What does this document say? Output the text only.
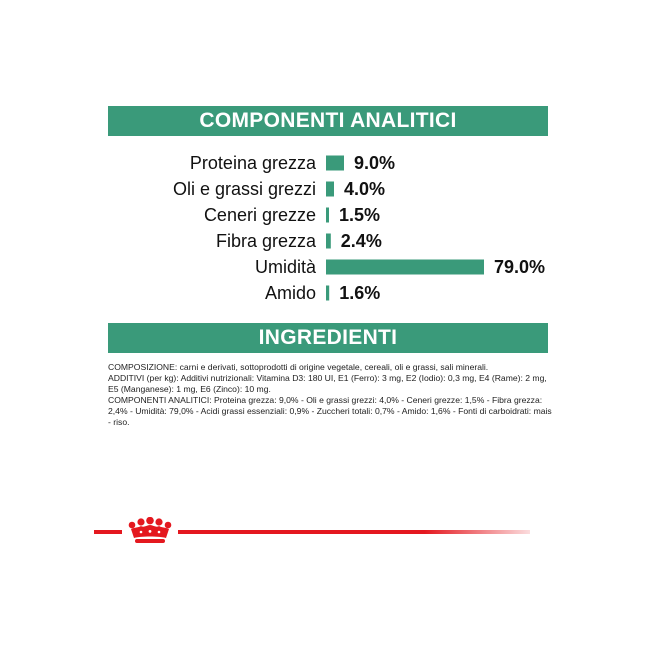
COMPONENTI ANALITICI
Proteina grezza 9.0%
Oli e grassi grezzi 4.0%
Ceneri grezze 1.5%
Fibra grezza 2.4%
Umidità	79.0%
Amido 1.6%
INGREDIENTI

COMPOSIZIONE: carni e derivati, sottoprodotti di origine vegetale, cereali, oli e grassi, sali minerali.

ADDITIVI (per kg): Additivi nutrizionali: Vitamina D3: 180 UI, E1 (Ferro): 3 mg, E2 (Iodio): 0,3 mg, E4 (Rame): 2 mg, E5 (Manganese): 1 mg, E6 (Zinco): 10 mg.

COMPONENTI ANALITICI: Proteina grezza: 9,0% - Oli e grassi grezzi: 4,0% - Ceneri grezze: 1,5% - Fibra grezza: 2,4% - Umidità: 79,0% - Acidi grassi essenziali: 0,9% - Zuccheri totali: 0,7% - Amido: 1,6% - Fonti di carboidrati: mais - riso.
